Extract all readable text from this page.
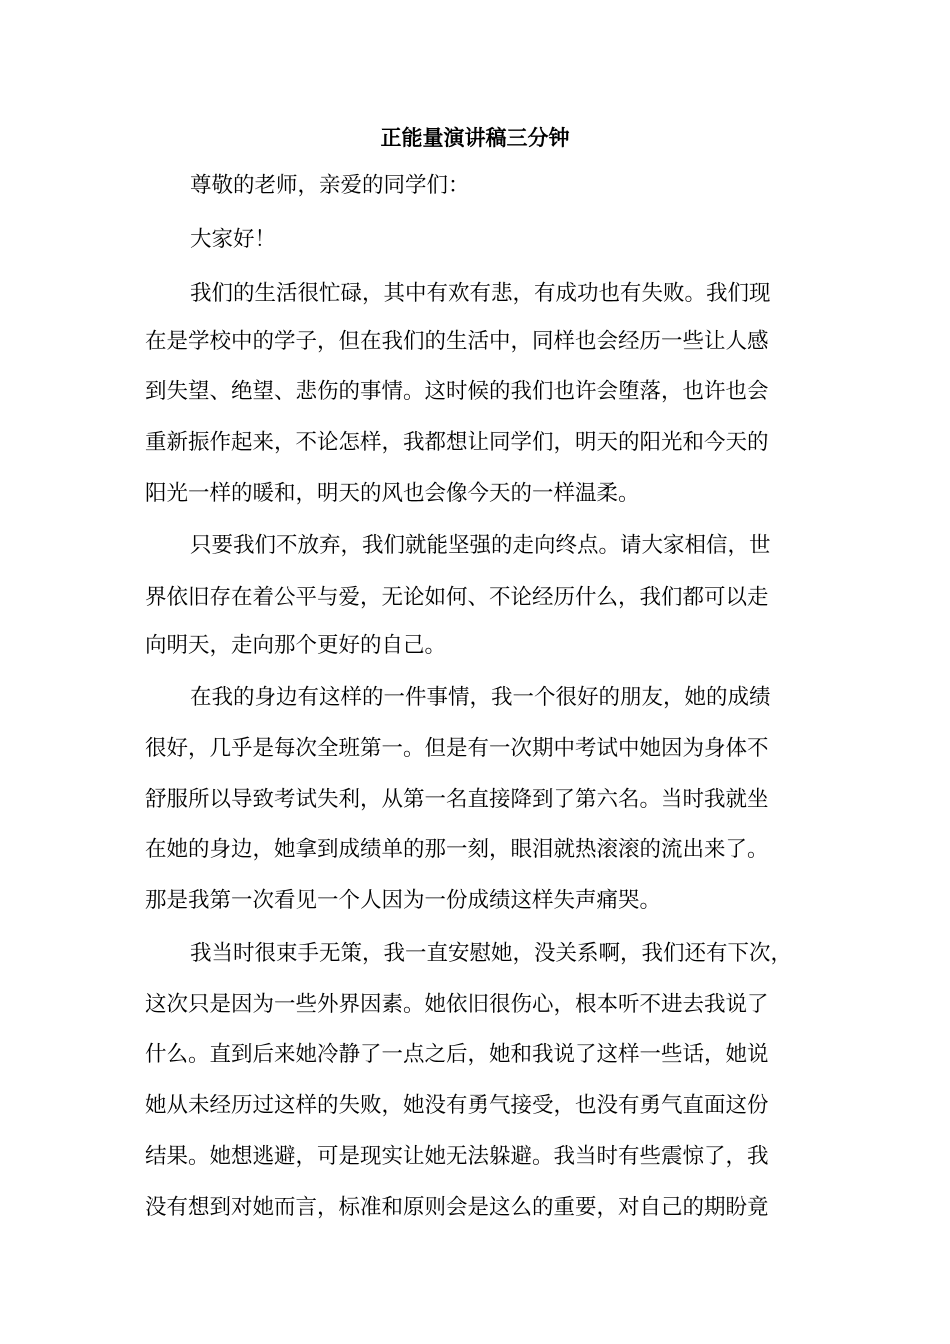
正能量演讲稿三分钟
尊敬的老师，亲爱的同学们：
大家好！
我们的生活很忙碌，其中有欢有悲，有成功也有失败。我们现
在是学校中的学子，但在我们的生活中，同样也会经历一些让人感
到失望、绝望、悲伤的事情。这时候的我们也许会堕落，也许也会
重新振作起来，不论怎样，我都想让同学们，明天的阳光和今天的
阳光一样的暖和，明天的风也会像今天的一样温柔。
只要我们不放弃，我们就能坚强的走向终点。请大家相信，世
界依旧存在着公平与爱，无论如何、不论经历什么，我们都可以走
向明天，走向那个更好的自己。
在我的身边有这样的一件事情，我一个很好的朋友，她的成绩
很好，几乎是每次全班第一。但是有一次期中考试中她因为身体不
舒服所以导致考试失利，从第一名直接降到了第六名。当时我就坐
在她的身边，她拿到成绩单的那一刻，眼泪就热滚滚的流出来了。
那是我第一次看见一个人因为一份成绩这样失声痛哭。
我当时很束手无策，我一直安慰她，没关系啊，我们还有下次，
这次只是因为一些外界因素。她依旧很伤心，根本听不进去我说了
什么。直到后来她冷静了一点之后，她和我说了这样一些话，她说
她从未经历过这样的失败，她没有勇气接受，也没有勇气直面这份
结果。她想逃避，可是现实让她无法躲避。我当时有些震惊了，我
没有想到对她而言，标准和原则会是这么的重要，对自己的期盼竟
